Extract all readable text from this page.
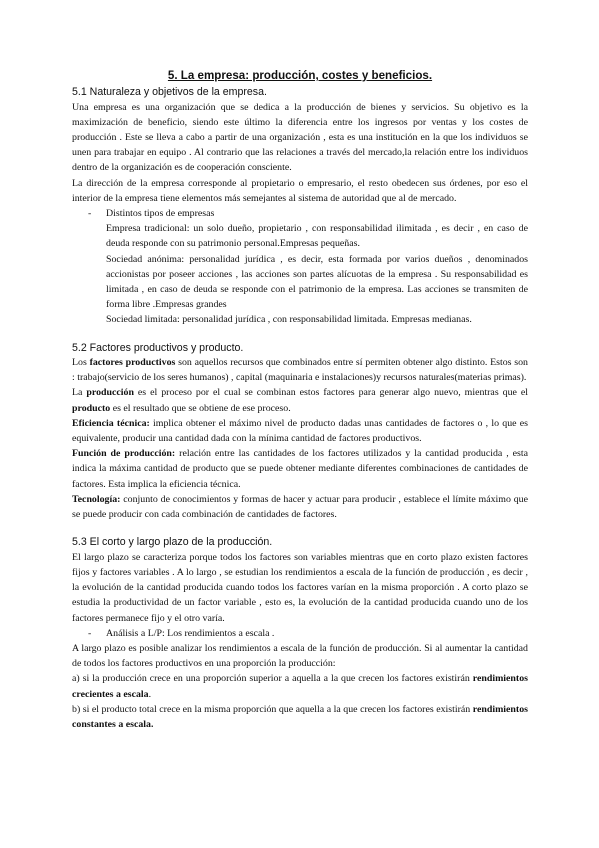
5. La empresa: producción, costes y beneficios.
5.1 Naturaleza y objetivos de la empresa.

Una empresa es una organización que se dedica a la producción de bienes y servicios. Su objetivo es la maximización de beneficio, siendo este último la diferencia entre los ingresos por ventas y los costes de producción . Este se lleva a cabo a partir de una organización , esta es una institución en la que los individuos se unen para trabajar en equipo . Al contrario que las relaciones a través del mercado,la relación entre los individuos dentro de la organización es de cooperación consciente.

La dirección de la empresa corresponde al propietario o empresario, el resto obedecen sus órdenes, por eso el interior de la empresa tiene elementos más semejantes al sistema de autoridad que al de mercado.

- Distintos tipos de empresas

Empresa tradicional: un solo dueño, propietario , con responsabilidad ilimitada , es decir , en caso de deuda responde con su patrimonio personal.Empresas pequeñas.

Sociedad anónima: personalidad jurídica , es decir, esta formada por varios dueños , denominados accionistas por poseer acciones , las acciones son partes alícuotas de la empresa . Su responsabilidad es limitada , en caso de deuda se responde con el patrimonio de la empresa. Las acciones se transmiten de forma libre .Empresas grandes

Sociedad limitada: personalidad jurídica , con responsabilidad limitada. Empresas medianas.

5.2 Factores productivos y producto.

Los factores productivos son aquellos recursos que combinados entre sí permiten obtener algo distinto. Estos son : trabajo(servicio de los seres humanos) , capital (maquinaria e instalaciones)y recursos naturales(materias primas).

La producción es el proceso por el cual se combinan estos factores para generar algo nuevo, mientras que el producto es el resultado que se obtiene de ese proceso.

Eficiencia técnica: implica obtener el máximo nivel de producto dadas unas cantidades de factores o , lo que es equivalente, producir una cantidad dada con la mínima cantidad de factores productivos.

Función de producción: relación entre las cantidades de los factores utilizados y la cantidad producida , esta indica la máxima cantidad de producto que se puede obtener mediante diferentes combinaciones de cantidades de factores. Esta implica la eficiencia técnica.

Tecnología: conjunto de conocimientos y formas de hacer y actuar para producir , establece el límite máximo que se puede producir con cada combinación de cantidades de factores.

5.3 El corto y largo plazo de la producción.

El largo plazo se caracteriza porque todos los factores son variables mientras que en corto plazo existen factores fijos y factores variables . A lo largo , se estudian los rendimientos a escala de la función de producción , es decir , la evolución de la cantidad producida cuando todos los factores varían en la misma proporción . A corto plazo se estudia la productividad de un factor variable , esto es, la evolución de la cantidad producida cuando uno de los factores permanece fijo y el otro varía.

- Análisis a L/P: Los rendimientos a escala .

A largo plazo es posible analizar los rendimientos a escala de la función de producción. Si al aumentar la cantidad de todos los factores productivos en una proporción la producción:

a) si la producción crece en una proporción superior a aquella a la que crecen los factores existirán rendimientos crecientes a escala.

b) si el producto total crece en la misma proporción que aquella a la que crecen los factores existirán rendimientos constantes a escala.
